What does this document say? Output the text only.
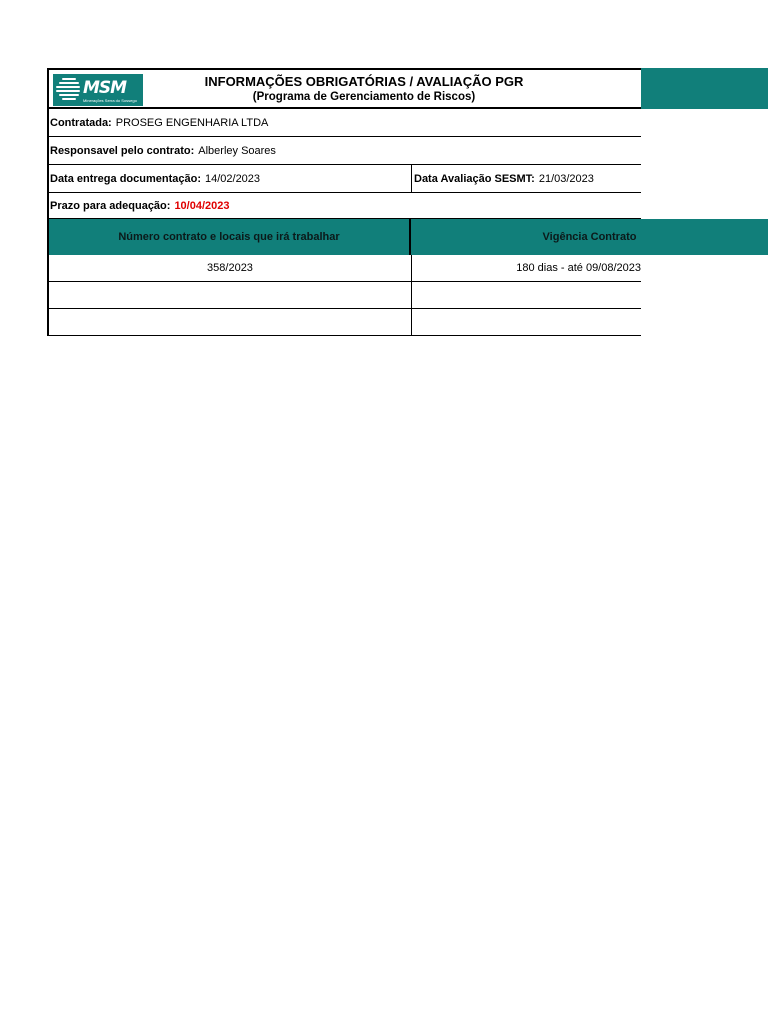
MSM
Minerações Serra do Sossego
INFORMAÇÕES OBRIGATÓRIAS / AVALIAÇÃO PGR
(Programa de Gerenciamento de Riscos)
Contratada: PROSEG ENGENHARIA LTDA
Responsavel pelo contrato: Alberley Soares
Data entrega documentação: 14/02/2023	Data Avaliação SESMT: 21/03/2023
Prazo para adequação: 10/04/2023
Número contrato e locais que irá trabalhar	Vigência Contrato
358/2023	180 dias - até 09/08/2023
